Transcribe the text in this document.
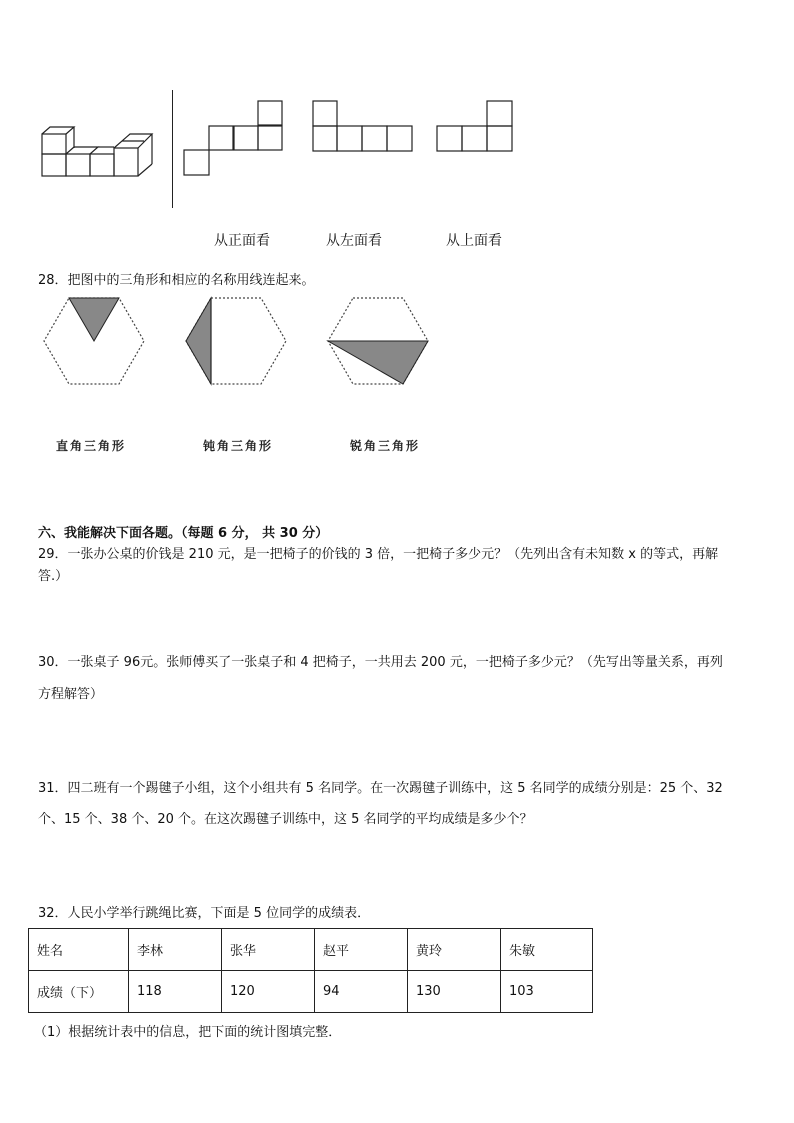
从正面看	从左面看	从上面看
28．把图中的三角形和相应的名称用线连起来。
直角三角形	钝角三角形	锐角三角形
六、我能解决下面各题。（每题 6 分， 共 30 分）
29．一张办公桌的价钱是 210 元，是一把椅子的价钱的 3 倍，一把椅子多少元？（先列出含有未知数 x 的等式，再解
答.）
30．一张桌子 96元。张师傅买了一张桌子和 4 把椅子，一共用去 200 元，一把椅子多少元？（先写出等量关系，再列
方程解答）
31．四二班有一个踢毽子小组，这个小组共有 5 名同学。在一次踢毽子训练中，这 5 名同学的成绩分别是：25 个、32
个、15 个、38 个、20 个。在这次踢毽子训练中，这 5 名同学的平均成绩是多少个？
32．人民小学举行跳绳比赛，下面是 5 位同学的成绩表．
姓名	李林	张华	赵平	黄玲	朱敏
成绩（下）	118	120	94	130	103
（1）根据统计表中的信息，把下面的统计图填完整．
